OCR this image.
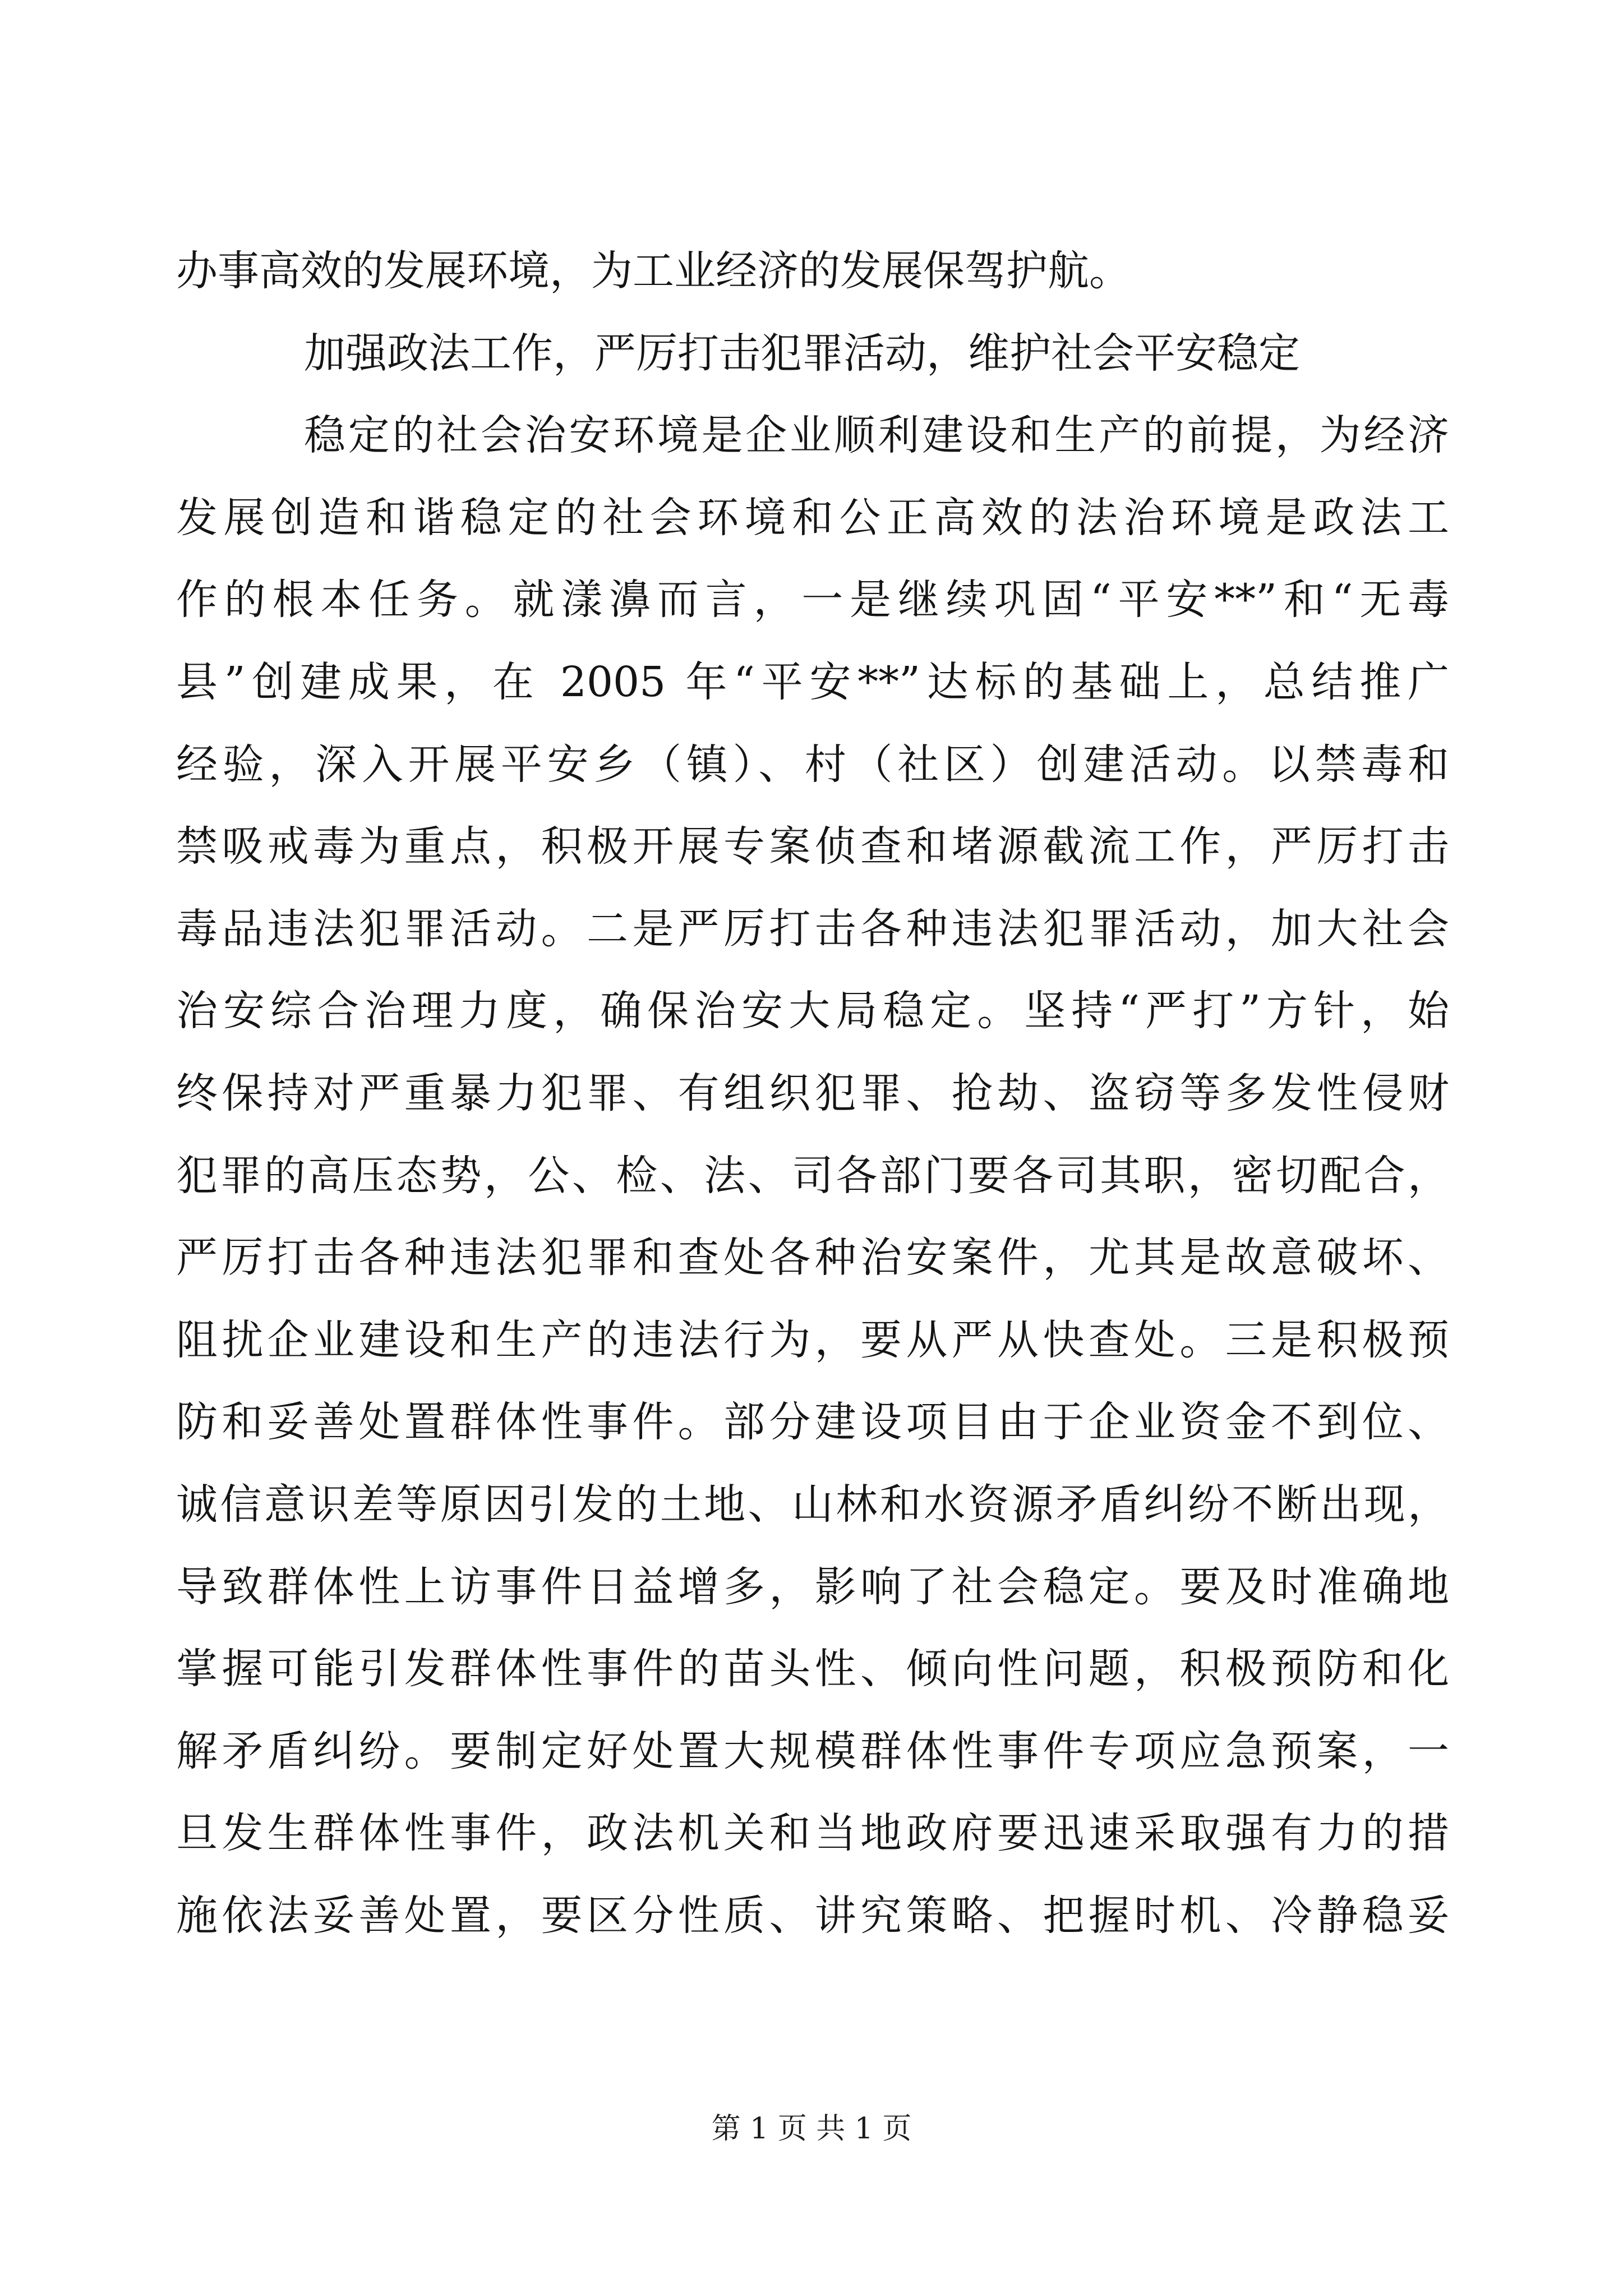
办事高效的发展环境，为工业经济的发展保驾护航。
加强政法工作，严厉打击犯罪活动，维护社会平安稳定
稳定的社会治安环境是企业顺利建设和生产的前提，为经济
发展创造和谐稳定的社会环境和公正高效的法治环境是政法工
作的根本任务。就漾濞而言，一是继续巩固“平安**”和“无毒
县”创建成果，在 2005 年“平安**”达标的基础上，总结推广
经验，深入开展平安乡（镇）、村（社区）创建活动。以禁毒和
禁吸戒毒为重点，积极开展专案侦查和堵源截流工作，严厉打击
毒品违法犯罪活动。二是严厉打击各种违法犯罪活动，加大社会
治安综合治理力度，确保治安大局稳定。坚持“严打”方针，始
终保持对严重暴力犯罪、有组织犯罪、抢劫、盗窃等多发性侵财
犯罪的高压态势，公、检、法、司各部门要各司其职，密切配合，
严厉打击各种违法犯罪和查处各种治安案件，尤其是故意破坏、
阻扰企业建设和生产的违法行为，要从严从快查处。三是积极预
防和妥善处置群体性事件。部分建设项目由于企业资金不到位、
诚信意识差等原因引发的土地、山林和水资源矛盾纠纷不断出现，
导致群体性上访事件日益增多，影响了社会稳定。要及时准确地
掌握可能引发群体性事件的苗头性、倾向性问题，积极预防和化
解矛盾纠纷。要制定好处置大规模群体性事件专项应急预案，一
旦发生群体性事件，政法机关和当地政府要迅速采取强有力的措
施依法妥善处置，要区分性质、讲究策略、把握时机、冷静稳妥
第 1 页 共 1 页
